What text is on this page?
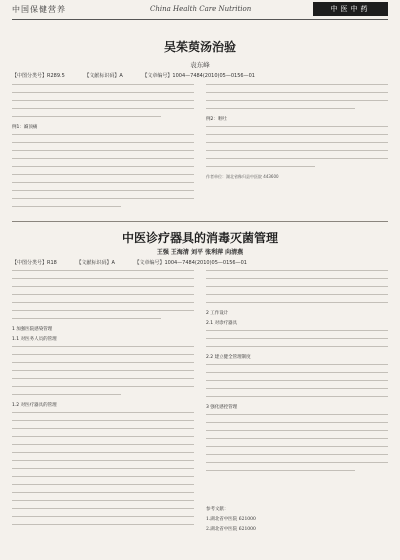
中国保健营养	China Health Care Nutrition	中医中药
吴茱萸汤治验
袁东峰
【中图分类号】R289.5	【文献标识码】A	【文章编号】1004—7484(2010)05—0156—01
例1：巅顶痛
例2：呕吐
作者单位：湖北省秭归县中医院 443600
中医诊疗器具的消毒灭菌管理
王强 王海清 刘平 张利萍 向清燕
【中图分类号】R18	【文献标识码】A	【文章编号】1004—7484(2010)05—0156—01
1 加强医院感染管理
1.1 对医务人员的管理
1.2 对医疗器具的管理
2 工作设计
2.1 对诊疗器具
2.2 建立健全管理制度
3 强化感控管理
参考文献：
1.湖北省中医院 621000
2.湖北省中医院 621000
